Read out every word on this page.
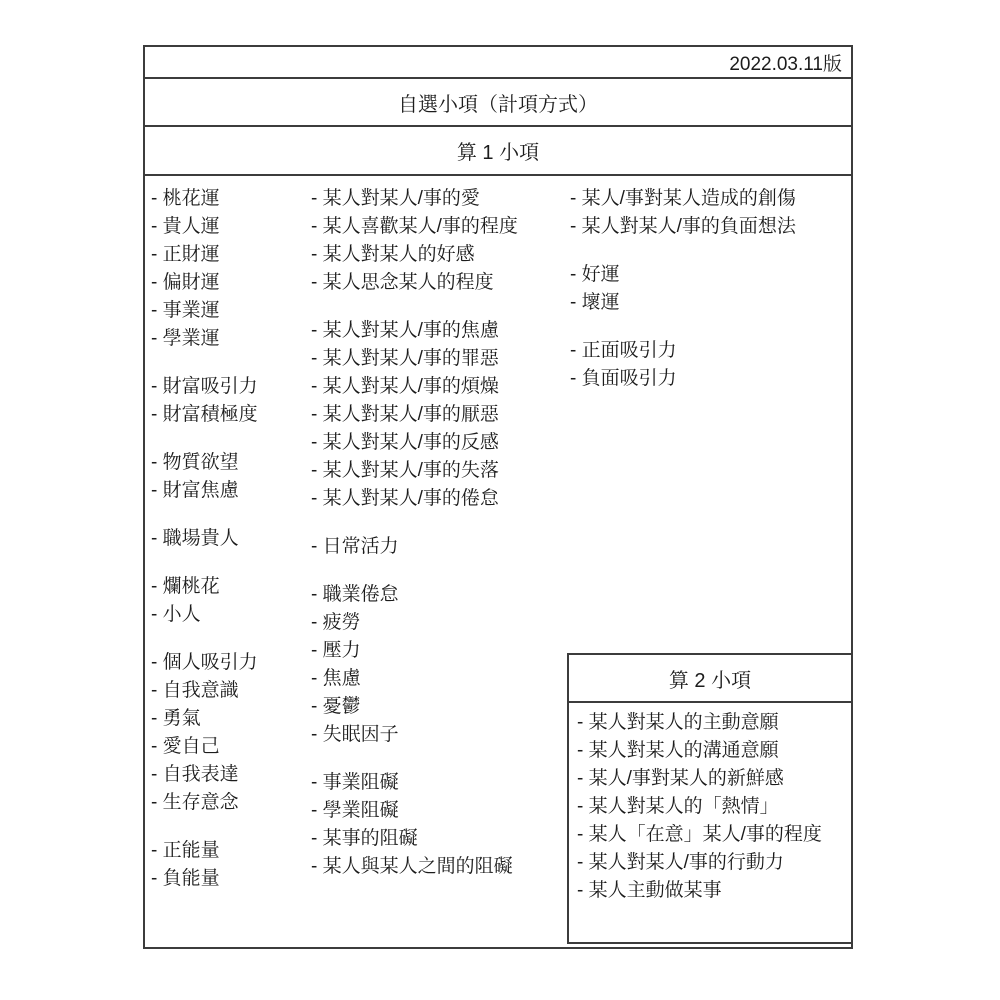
2022.03.11版
自選小項（計項方式）
算 1 小項
- 桃花運
- 貴人運
- 正財運
- 偏財運
- 事業運
- 學業運
- 財富吸引力
- 財富積極度
- 物質欲望
- 財富焦慮
- 職場貴人
- 爛桃花
- 小人
- 個人吸引力
- 自我意識
- 勇氣
- 愛自己
- 自我表達
- 生存意念
- 正能量
- 負能量
- 某人對某人/事的愛
- 某人喜歡某人/事的程度
- 某人對某人的好感
- 某人思念某人的程度
- 某人對某人/事的焦慮
- 某人對某人/事的罪惡
- 某人對某人/事的煩燥
- 某人對某人/事的厭惡
- 某人對某人/事的反感
- 某人對某人/事的失落
- 某人對某人/事的倦怠
- 日常活力
- 職業倦怠
- 疲勞
- 壓力
- 焦慮
- 憂鬱
- 失眠因子
- 事業阻礙
- 學業阻礙
- 某事的阻礙
- 某人與某人之間的阻礙
- 某人/事對某人造成的創傷
- 某人對某人/事的負面想法
- 好運
- 壞運
- 正面吸引力
- 負面吸引力
算 2 小項
- 某人對某人的主動意願
- 某人對某人的溝通意願
- 某人/事對某人的新鮮感
- 某人對某人的「熱情」
- 某人「在意」某人/事的程度
- 某人對某人/事的行動力
- 某人主動做某事
